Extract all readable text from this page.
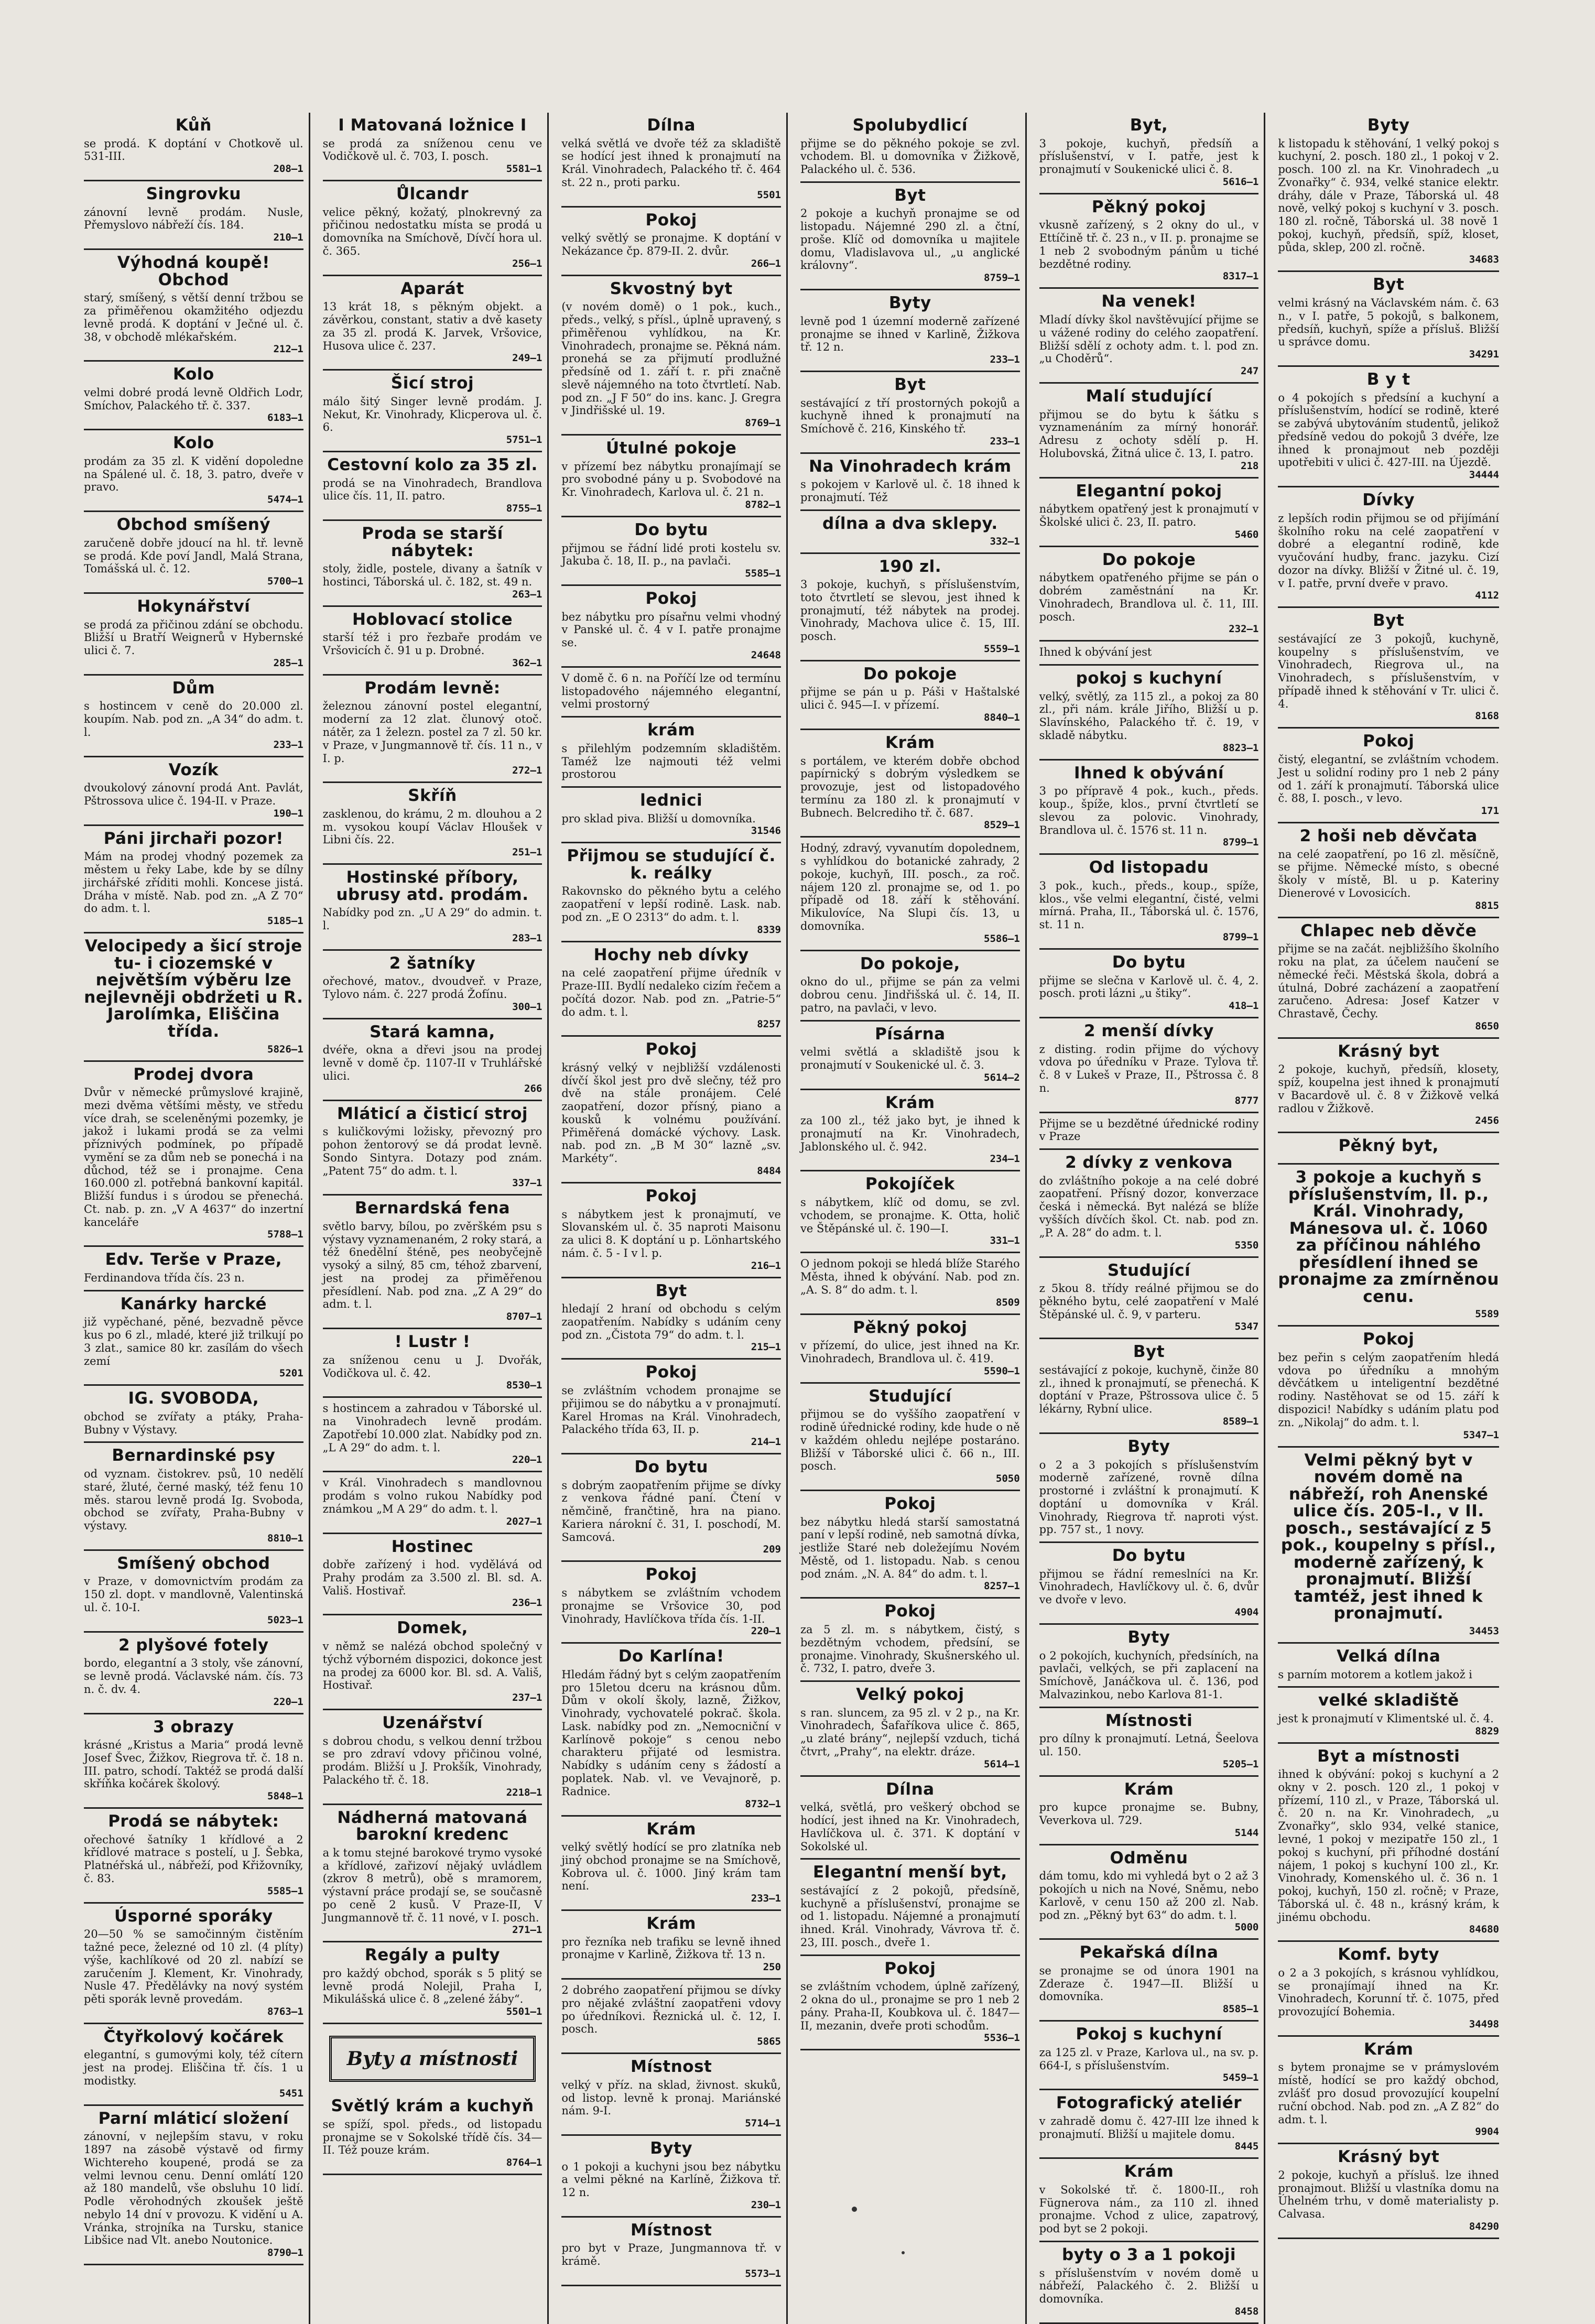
Kůň

se prodá. K doptání v Chotkově ul. 531-III.

208—1
Singrovku

zánovní levně prodám. Nusle, Přemyslovo nábřeží čís. 184.

210—1
Výhodná koupě! Obchod

starý, smíšený, s větší denní tržbou se za přiměřenou okamžitého odjezdu levně prodá. K doptání v Ječné ul. č. 38, v obchodě mlékařském.

212—1
Kolo

velmi dobré prodá levně Oldřich Lodr, Smíchov, Palackého tř. č. 337.

6183—1
Kolo

prodám za 35 zl. K vidění dopoledne na Spálené ul. č. 18, 3. patro, dveře v pravo.

5474—1
Obchod smíšený

zaručeně dobře jdoucí na hl. tř. levně se prodá. Kde poví Jandl, Malá Strana, Tomášská ul. č. 12.

5700—1
Hokynářství

se prodá za přičinou zdání se obchodu. Bližší u Bratří Weignerů v Hybernské ulici č. 7.

285—1
Dům

s hostincem v ceně do 20.000 zl. koupím. Nab. pod zn. „A 34“ do adm. t. l.

233—1
Vozík

dvoukolový zánovní prodá Ant. Pavlát, Pštrossova ulice č. 194-II. v Praze.

190—1
Páni jirchaři pozor!

Mám na prodej vhodný pozemek za městem u řeky Labe, kde by se dílny jirchářské zříditi mohli. Koncese jistá. Dráha v místě. Nab. pod zn. „A Z 70“ do adm. t. l.

5185—1
Velocipedy a šicí stroje tu- i ciozemské v největším výběru lze nejlevněji obdržeti u R. Jarolímka, Eliščina třída.
5826—1
Prodej dvora

Dvůr v německé průmyslové krajině, mezi dvěma většími městy, ve středu více drah, se sceleněnými pozemky, je jakož i lukami prodá se za velmi příznivých podmínek, po případě vymění se za dům neb se ponechá i na důchod, též se i pronajme. Cena 160.000 zl. potřebná bankovní kapitál. Bližší fundus i s úrodou se přenechá. Ct. nab. p. zn. „V A 4637“ do inzertní kanceláře

5788—1
Edv. Terše v Praze,

Ferdinandova třída čís. 23 n.

Kanárky harcké

již vypěchané, pěné, bezvadně pěvce kus po 6 zl., mladé, které již trilkují po 3 zlat., samice 80 kr. zasílám do všech zemí

5201
IG. SVOBODA,

obchod se zvířaty a ptáky, Praha-Bubny v Výstavy.

Bernardinské psy

od vyznam. čistokrev. psů, 10 nedělí staré, žluté, černé maský, též fenu 10 měs. starou levně prodá Ig. Svoboda, obchod se zvířaty, Praha-Bubny v výstavy.

8810—1
Smíšený obchod

v Praze, v domovnictvím prodám za 150 zl. dopt. v mandlovně, Valentinská ul. č. 10-I.

5023—1
2 plyšové fotely

bordo, elegantní a 3 stoly, vše zánovní, se levně prodá. Václavské nám. čís. 73 n. č. dv. 4.

220—1
3 obrazy

krásné „Kristus a Maria“ prodá levně Josef Švec, Žižkov, Riegrova tř. č. 18 n. III. patro, schodí. Taktéž se prodá další skříňka kočárek školový.

5848—1
Prodá se nábytek:

ořechové šatníky 1 křídlové a 2 křídlové matrace s postelí, u J. Šebka, Platnéřská ul., nábřeží, pod Křižovníky, č. 83.

5585—1
Úsporné sporáky

20—50 % se samočinným čistěním tažné pece, železné od 10 zl. (4 plíty) výše, kachlíkové od 20 zl. nabízí se zaručením J. Klement, Kr. Vinohrady, Nusle 47. Předělávky na nový systém pěti sporák levně provedám.

8763—1
Čtyřkolový kočárek

elegantní, s gumovými koly, též cítern jest na prodej. Eliščina tř. čís. 1 u modistky.

5451
Parní mláticí složení

zánovní, v nejlepším stavu, v roku 1897 na zásobě výstavě od firmy Wichtereho koupené, prodá se za velmi levnou cenu. Denní omlátí 120 až 180 mandelů, vše obsluhu 10 lidí. Podle věrohodných zkoušek ještě nebylo 14 dní v provozu. K vidění u A. Vránka, strojníka na Tursku, stanice Libšice nad Vlt. anebo Noutonice.

8790—1
I Matovaná ložnice I

se prodá za sníženou cenu ve Vodičkově ul. č. 703, I. posch.

5581—1
Ůlcandr

velice pěkný, kožatý, plnokrevný za přičinou nedostatku místa se prodá u domovníka na Smíchově, Dívčí hora ul. č. 365.

256—1
Aparát

13 krát 18, s pěkným objekt. a závěrkou, constant, stativ a dvě kasety za 35 zl. prodá K. Jarvek, Vršovice, Husova ulice č. 237.

249—1
Šicí stroj

málo šitý Singer levně prodám. J. Nekut, Kr. Vinohrady, Klicperova ul. č. 6.

5751—1
Cestovní kolo za 35 zl.

prodá se na Vinohradech, Brandlova ulice čís. 11, II. patro.

8755—1
Proda se starší nábytek:

stoly, židle, postele, divany a šatník v hostinci, Táborská ul. č. 182, st. 49 n.

263—1
Hoblovací stolice

starší též i pro řezbaře prodám ve Vršovicích č. 91 u p. Drobné.

362—1
Prodám levně:

železnou zánovní postel elegantní, moderní za 12 zlat. člunový otoč. nátěr, za 1 železn. postel za 7 zl. 50 kr. v Praze, v Jungmannově tř. čís. 11 n., v I. p.

272—1
Skříň

zasklenou, do krámu, 2 m. dlouhou a 2 m. vysokou koupí Václav Hloušek v Libni čís. 22.

251—1
Hostinské příbory, ubrusy atd. prodám.

Nabídky pod zn. „U A 29“ do admin. t. l.

283—1
2 šatníky

ořechové, matov., dvoudveř. v Praze, Tylovo nám. č. 227 prodá Žofínu.

300—1
Stará kamna,

dvéře, okna a dřevi jsou na prodej levně v domě čp. 1107-II v Truhlářské ulici.

266
Mláticí a čisticí stroj

s kuličkovými ložisky, převozný pro pohon žentorový se dá prodat levně. Sondo Sintyra. Dotazy pod znám. „Patent 75“ do adm. t. l.

337—1
Bernardská fena

světlo barvy, bílou, po zvěrškém psu s výstavy vyznamenaném, 2 roky stará, a též 6nedělní šténě, pes neobyčejně vysoký a silný, 85 cm, téhož zbarvení, jest na prodej za přiměřenou přesídlení. Nab. pod zna. „Z A 29“ do adm. t. l.

8707—1
! Lustr !

za sníženou cenu u J. Dvořák, Vodičkova ul. č. 42.

8530—1

s hostincem a zahradou v Táborské ul. na Vinohradech levně prodám. Zapotřebí 10.000 zlat. Nabídky pod zn. „L A 29“ do adm. t. l.

220—1

v Král. Vinohradech s mandlovnou prodám s volno rukou Nabídky pod známkou „M A 29“ do adm. t. l.

2027—1
Hostinec

dobře zařízený i hod. vydělává od Prahy prodám za 3.500 zl. Bl. sd. A. Vališ. Hostivař.

236—1
Domek,

v němž se nalézá obchod společný v týchž výborném dispozici, dokonce jest na prodej za 6000 kor. Bl. sd. A. Vališ, Hostivař.

237—1
Uzenářství

s dobrou chodu, s velkou denní tržbou se pro zdraví vdovy přičinou volné, prodám. Bližší u J. Prokšík, Vinohrady, Palackého tř. č. 18.

2218—1
Nádherná matovaná barokní kredenc

a k tomu stejné barokové trymo vysoké a křídlové, zařizoví nějaký uvládlem (zkrov 8 metrů), obě s mramorem, výstavní práce prodají se, se současně po ceně 2 kusů. V Praze-II, V Jungmannově tř. č. 11 nové, v I. posch.

271—1
Regály a pulty

pro každý obchod, sporák s 5 plitý se levně prodá Nolejil, Praha I, Mikulášská ulice č. 8 „zelené žáby“.

5501—1
Byty a místnosti
Světlý krám a kuchyň

se spíží, spol. předs., od listopadu pronajme se v Sokolské třídě čís. 34—II. Též pouze krám.

8764—1
Dílna

velká světlá ve dvoře též za skladiště se hodící jest ihned k pronajmutí na Král. Vinohradech, Palackého tř. č. 464 st. 22 n., proti parku.

5501
Pokoj

velký světlý se pronajme. K doptání v Nekázance čp. 879-II. 2. dvůr.

266—1
Skvostný byt

(v novém domě) o 1 pok., kuch., předs., velký, s přísl., úplně upravený, s přiměřenou vyhlídkou, na Kr. Vinohradech, pronajme se. Pěkná nám. pronehá se za přijmutí prodlužné předsíně od 1. září t. r. při značně slevě nájemného na toto čtvrtletí. Nab. pod zn. „J F 50“ do ins. kanc. J. Gregra v Jindřišské ul. 19.

8769—1
Útulné pokoje

v přízemí bez nábytku pronajímají se pro svobodné pány u p. Svobodové na Kr. Vinohradech, Karlova ul. č. 21 n.

8782—1
Do bytu

přijmou se řádní lidé proti kostelu sv. Jakuba č. 18, II. p., na pavlači.

5585—1
Pokoj

bez nábytku pro písařnu velmi vhodný v Panské ul. č. 4 v I. patře pronajme se.

24648

V domě č. 6 n. na Poříčí lze od termínu listopadového nájemného elegantní, velmi prostorný

krám

s přilehlým podzemním skladištěm. Taméž lze najmouti též velmi prostorou

lednici

pro sklad piva. Bližší u domovníka.

31546
Přijmou se studující č. k. reálky

Rakovnsko do pěkného bytu a celého zaopatření v lepší rodině. Lask. nab. pod zn. „E O 2313“ do adm. t. l.

8339
Hochy neb dívky

na celé zaopatření přijme úředník v Praze-III. Bydlí nedaleko cizím řečem a počítá dozor. Nab. pod zn. „Patrie-5“ do adm. t. l.

8257
Pokoj

krásný velký v nejbližší vzdálenosti dívčí škol jest pro dvě slečny, též pro dvě na stále pronájem. Celé zaopatření, dozor přísný, piano a kousků k volnému používání. Přiměřená domácké výchovy. Lask. nab. pod zn. „B M 30“ lazně „sv. Markéty“.

8484
Pokoj

s nábytkem jest k pronajmutí, ve Slovanském ul. č. 35 naproti Maisonu za ulici 8. K doptání u p. Lönhartského nám. č. 5 - I v l. p.

216—1
Byt

hledají 2 hraní od obchodu s celým zaopatřením. Nabídky s udáním ceny pod zn. „Čistota 79“ do adm. t. l.

215—1
Pokoj

se zvláštním vchodem pronajme se přijimou se do nábytku a v pronajmutí. Karel Hromas na Král. Vinohradech, Palackého třída 63, II. p.

214—1
Do bytu

s dobrým zaopatřením přijme se dívky z venkova řádné paní. Čtení v němčině, frančtině, hra na piano. Kariera nárokní č. 31, I. poschodí, M. Samcová.

209
Pokoj

s nábytkem se zvláštním vchodem pronajme se Vršovice 30, pod Vinohrady, Havlíčkova třída čís. 1-II.

220—1
Do Karlína!

Hledám řádný byt s celým zaopatřením pro 15letou dceru na krásnou dům. Dům v okolí školy, lazně, Žižkov, Vinohrady, vychovatelé pokrač. škola. Lask. nabídky pod zn. „Nemocniční v Karlínově pokoje“ s cenou nebo charakteru přijaté od lesmistra. Nabídky s udáním ceny s žádostí a poplatek. Nab. vl. ve Vevajnorě, p. Radnice.

8732—1
Krám

velký světlý hodící se pro zlatníka neb jiný obchod pronajme se na Smíchově, Kobrova ul. č. 1000. Jiný krám tam není.

233—1
Krám

pro řezníka neb trafiku se levně ihned pronajme v Karlině, Žižkova tř. 13 n.

250

2 dobrého zaopatření přijmou se dívky pro nějaké zvláštní zaopatřeni vdovy po úředníkovi. Řeznická ul. č. 12, I. posch.

5865
Místnost

velký v příz. na sklad, živnost. skuků, od listop. levně k pronaj. Mariánské nám. 9-I.

5714—1
Byty

o 1 pokoji a kuchyni jsou bez nábytku a velmi pěkné na Karlíně, Žižkova tř. 12 n.

230—1
Místnost

pro byt v Praze, Jungmannova tř. v krámě.

5573—1
Spolubydlicí

přijme se do pěkného pokoje se zvl. vchodem. Bl. u domovníka v Žižkově, Palackého ul. č. 536.

Byt

2 pokoje a kuchyň pronajme se od listopadu. Nájemné 290 zl. a čtní, proše. Klíč od domovníka u majitele domu, Vladislavova ul., „u anglické královny“.

8759—1
Byty

levně pod 1 územní moderně zařízené pronajme se ihned v Karlině, Žižkova tř. 12 n.

233—1
Byt

sestávající z tří prostorných pokojů a kuchyně ihned k pronajmutí na Smíchově č. 216, Kinského tř.

233—1
Na Vinohradech krám

s pokojem v Karlově ul. č. 18 ihned k pronajmutí. Též

dílna a dva sklepy.
332—1
190 zl.

3 pokoje, kuchyň, s příslušenstvím, toto čtvrtletí se slevou, jest ihned k pronajmutí, též nábytek na prodej. Vinohrady, Machova ulice č. 15, III. posch.

5559—1
Do pokoje

přijme se pán u p. Páši v Haštalské ulici č. 945—I. v přízemí.

8840—1
Krám

s portálem, ve kterém dobře obchod papírnický s dobrým výsledkem se provozuje, jest od listopadového termínu za 180 zl. k pronajmutí v Bubnech. Belcrediho tř. č. 687.

8529—1

Hodný, zdravý, vyvanutím dopolednem, s vyhlídkou do botanické zahrady, 2 pokoje, kuchyň, III. posch., za roč. nájem 120 zl. pronajme se, od 1. po případě od 18. září k stěhování. Mikulovíce, Na Slupi čís. 13, u domovníka.

5586—1
Do pokoje,

okno do ul., přijme se pán za velmi dobrou cenu. Jindřišská ul. č. 14, II. patro, na pavlači, v levo.

Písárna

velmi světlá a skladiště jsou k pronajmutí v Soukenické ul. č. 3.

5614—2
Krám

za 100 zl., též jako byt, je ihned k pronajmutí na Kr. Vinohradech, Jablonského ul. č. 942.

234—1
Pokojíček

s nábytkem, klíč od domu, se zvl. vchodem, se pronajme. K. Otta, holič ve Štěpánské ul. č. 190—I.

331—1

O jednom pokoji se hledá blíže Starého Města, ihned k obývání. Nab. pod zn. „A. S. 8“ do adm. t. l.

8509
Pěkný pokoj

v přízemí, do ulice, jest ihned na Kr. Vinohradech, Brandlova ul. č. 419.

5590—1
Studující

přijmou se do vyššího zaopatření v rodině úřednické rodiny, kde hude o ně v každém ohledu nejlépe postaráno. Bližší v Táborské ulici č. 66 n., III. posch.

5050
Pokoj

bez nábytku hledá starší samostatná paní v lepší rodině, neb samotná dívka, jestliže Staré neb doležejímu Novém Městě, od 1. listopadu. Nab. s cenou pod znám. „N. A. 84“ do adm. t. l.

8257—1
Pokoj

za 5 zl. m. s nábytkem, čistý, s bezdětným vchodem, předsíní, se pronajme. Vinohrady, Skušnerského ul. č. 732, I. patro, dveře 3.

Velký pokoj

s ran. sluncem, za 95 zl. v 2 p., na Kr. Vinohradech, Šafaříkova ulice č. 865, „u zlaté brány“, nejlepší vzduch, tichá čtvrt, „Prahy“, na elektr. dráze.

5614—1
Dílna

velká, světlá, pro veškerý obchod se hodící, jest ihned na Kr. Vinohradech, Havlíčkova ul. č. 371. K doptání v Sokolské ul.

Elegantní menší byt,

sestávající z 2 pokojů, předsíně, kuchyně a příslušenství, pronajme se od 1. listopadu. Nájemné a pronajmutí ihned. Král. Vinohrady, Vávrova tř. č. 23, III. posch., dveře 1.

Pokoj

se zvláštním vchodem, úplně zařízený, 2 okna do ul., pronajme se pro 1 neb 2 pány. Praha-II, Koubkova ul. č. 1847—II, mezanin, dveře proti schodům.

5536—1
Byt,

3 pokoje, kuchyň, předsíň a příslušenství, v I. patře, jest k pronajmutí v Soukenické ulici č. 8.

5616—1
Pěkný pokoj

vkusně zařízený, s 2 okny do ul., v Ettíčině tř. č. 23 n., v II. p. pronajme se 1 neb 2 svobodným pánům u tiché bezdětné rodiny.

8317—1
Na venek!

Mladí dívky škol navštěvující přijme se u vážené rodiny do celého zaopatření. Bližší sdělí z ochoty adm. t. l. pod zn. „u Choděrů“.

247
Malí studující

přijmou se do bytu k šátku s vyznamenáním za mírný honorář. Adresu z ochoty sdělí p. H. Holubovská, Žitná ulice č. 13, I. patro.

218
Elegantní pokoj

nábytkem opatřený jest k pronajmutí v Školské ulici č. 23, II. patro.

5460
Do pokoje

nábytkem opatřeného přijme se pán o dobrém zaměstnání na Kr. Vinohradech, Brandlova ul. č. 11, III. posch.

232—1

Ihned k obývání jest

pokoj s kuchyní

velký, světlý, za 115 zl., a pokoj za 80 zl., při nám. krále Jiřího, Bližší u p. Slavínského, Palackého tř. č. 19, v skladě nábytku.

8823—1
Ihned k obývání

3 po přípravě 4 pok., kuch., předs. koup., špíže, klos., první čtvrtletí se slevou za polovic. Vinohrady, Brandlova ul. č. 1576 st. 11 n.

8799—1
Od listopadu

3 pok., kuch., předs., koup., spíže, klos., vše velmi elegantní, čisté, velmi mírná. Praha, II., Táborská ul. č. 1576, st. 11 n.

8799—1
Do bytu

přijme se slečna v Karlově ul. č. 4, 2. posch. proti lázni „u štiky“.

418—1
2 menší dívky

z disting. rodin přijme do výchovy vdova po úředníku v Praze. Tylova tř. č. 8 v Lukeš v Praze, II., Pštrossa č. 8 n.

8777

Přijme se u bezdětné úřednické rodiny v Praze

2 dívky z venkova

do zvláštního pokoje a na celé dobré zaopatření. Přísný dozor, konverzace česká i německá. Byt nalézá se blíže vyšších dívčích škol. Ct. nab. pod zn. „P. A. 28“ do adm. t. l.

5350
Studující

z 5kou 8. třídy reálné přijmou se do pěkného bytu, celé zaopatření v Malé Štěpánské ul. č. 9, v parteru.

5347
Byt

sestávající z pokoje, kuchyně, činže 80 zl., ihned k pronajmutí, se přenechá. K doptání v Praze, Pštrossova ulice č. 5 lékárny, Rybní ulice.

8589—1
Byty

o 2 a 3 pokojích s příslušenstvím moderně zařízené, rovně dílna prostorné i zvláštní k pronajmutí. K doptání u domovníka v Král. Vinohrady, Riegrova tř. naproti výst. pp. 757 st., 1 novy.

Do bytu

přijmou se řádní remeslníci na Kr. Vinohradech, Havlíčkovy ul. č. 6, dvůr ve dvoře v levo.

4904
Byty

o 2 pokojích, kuchyních, předsíních, na pavlači, velkých, se při zaplacení na Smíchově, Janáčkova ul. č. 136, pod Malvazinkou, nebo Karlova 81-1.

Místnosti

pro dílny k pronajmutí. Letná, Šeelova ul. 150.

5205—1
Krám

pro kupce pronajme se. Bubny, Veverkova ul. 729.

5144
Odměnu

dám tomu, kdo mi vyhledá byt o 2 až 3 pokojích u nich na Nové, Sněmu, nebo Karlově, v cenu 150 až 200 zl. Nab. pod zn. „Pěkný byt 63“ do adm. t. l.

5000
Pekařská dílna

se pronajme se od února 1901 na Zderaze č. 1947—II. Bližší u domovníka.

8585—1
Pokoj s kuchyní

za 125 zl. v Praze, Karlova ul., na sv. p. 664-I, s příslušenstvím.

5459—1
Fotografický ateliér

v zahradě domu č. 427-III lze ihned k pronajmutí. Bližší u majitele domu.

8445
Krám

v Sokolské tř. č. 1800-II., roh Fügnerova nám., za 110 zl. ihned pronajme. Vchod z ulice, zapatrový, pod byt se 2 pokoji.

byty o 3 a 1 pokoji

s příslušenstvím v novém domě u nábřeží, Palackého č. 2. Bližší u domovníka.

8458
Byty

k listopadu k stěhování, 1 velký pokoj s kuchyní, 2. posch. 180 zl., 1 pokoj v 2. posch. 100 zl. na Kr. Vinohradech „u Zvonařky“ č. 934, velké stanice elektr. dráhy, dále v Praze, Táborská ul. 48 nově, velký pokoj s kuchyní v 3. posch. 180 zl. ročně, Táborská ul. 38 nově 1 pokoj, kuchyň, předsíň, spíž, kloset, půda, sklep, 200 zl. ročně.

34683
Byt

velmi krásný na Václavském nám. č. 63 n., v I. patře, 5 pokojů, s balkonem, předsíň, kuchyň, spíže a přísluš. Bližší u správce domu.

34291
B y t

o 4 pokojích s předsíní a kuchyní a příslušenstvím, hodící se rodině, které se zabývá ubytováním studentů, jelikož předsíně vedou do pokojů 3 dvéře, lze ihned k pronajmout neb později upotřebiti v ulici č. 427-III. na Újezdě.

34444
Dívky

z lepších rodin přijmou se od přijímání školního roku na celé zaopatření v dobré a elegantní rodině, kde vyučování hudby, franc. jazyku. Cizí dozor na dívky. Bližší v Žitné ul. č. 19, v I. patře, první dveře v pravo.

4112
Byt

sestávající ze 3 pokojů, kuchyně, koupelny s příslušenstvím, ve Vinohradech, Riegrova ul., na Vinohradech, s příslušenstvím, v případě ihned k stěhování v Tr. ulici č. 4.

8168
Pokoj

čistý, elegantní, se zvláštním vchodem. Jest u solidní rodiny pro 1 neb 2 pány od 1. září k pronajmutí. Táborská ulice č. 88, I. posch., v levo.

171
2 hoši neb děvčata

na celé zaopatření, po 16 zl. měsíčně, se přijme. Německé místo, s obecné školy v místě, Bl. u p. Kateriny Dienerové v Lovosicích.

8815
Chlapec neb děvče

přijme se na začát. nejbližšího školního roku na plat, za účelem naučení se německé řeči. Městská škola, dobrá a útulná, Dobré zacházení a zaopatření zaručeno. Adresa: Josef Katzer v Chrastavě, Čechy.

8650
Krásný byt

2 pokoje, kuchyň, předsíň, klosety, spíž, koupelna jest ihned k pronajmutí v Bacardově ul. č. 8 v Žižkově velká radlou v Žižkově.

2456
Pěkný byt,
3 pokoje a kuchyň s příslušenstvím, II. p., Král. Vinohrady, Mánesova ul. č. 1060 za příčinou náhlého přesídlení ihned se pronajme za zmírněnou cenu.
5589
Pokoj

bez peřin s celým zaopatřením hledá vdova po úředníku a mnohým děvčátkem u inteligentní bezdětné rodiny. Nastěhovat se od 15. září k dispozici! Nabídky s udáním platu pod zn. „Nikolaj“ do adm. t. l.

5347—1
Velmi pěkný byt v novém domě na nábřeží, roh Anenské ulice čís. 205-I., v II. posch., sestávající z 5 pok., koupelny s přísl., moderně zařízený, k pronajmutí. Bližší tamtéž, jest ihned k pronajmutí.
34453
Velká dílna

s parním motorem a kotlem jakož i

velké skladiště

jest k pronajmutí v Klimentské ul. č. 4.

8829
Byt a místnosti

ihned k obývání: pokoj s kuchyní a 2 okny v 2. posch. 120 zl., 1 pokoj v přízemí, 110 zl., v Praze, Táborská ul. č. 20 n. na Kr. Vinohradech, „u Zvonařky“, sklo 934, velké stanice, levné, 1 pokoj v mezipatře 150 zl., 1 pokoj s kuchyní, při příhodné dostání nájem, 1 pokoj s kuchyní 100 zl., Kr. Vinohrady, Komenského ul. č. 36 n. 1 pokoj, kuchyň, 150 zl. ročně; v Praze, Táborská ul. č. 48 n., krásný krám, k jinému obchodu.

84680
Komf. byty

o 2 a 3 pokojích, s krásnou vyhlídkou, se pronajímají ihned na Kr. Vinohradech, Korunní tř. č. 1075, před provozující Bohemia.

34498
Krám

s bytem pronajme se v prámyslovém místě, hodící se pro každý obchod, zvlášť pro dosud provozující koupelní ruční obchod. Nab. pod zn. „A Z 82“ do adm. t. l.

9904
Krásný byt

2 pokoje, kuchyň a přísluš. lze ihned pronajmout. Bližší u vlastníka domu na Úhelném trhu, v domě materialisty p. Calvasa.

84290
